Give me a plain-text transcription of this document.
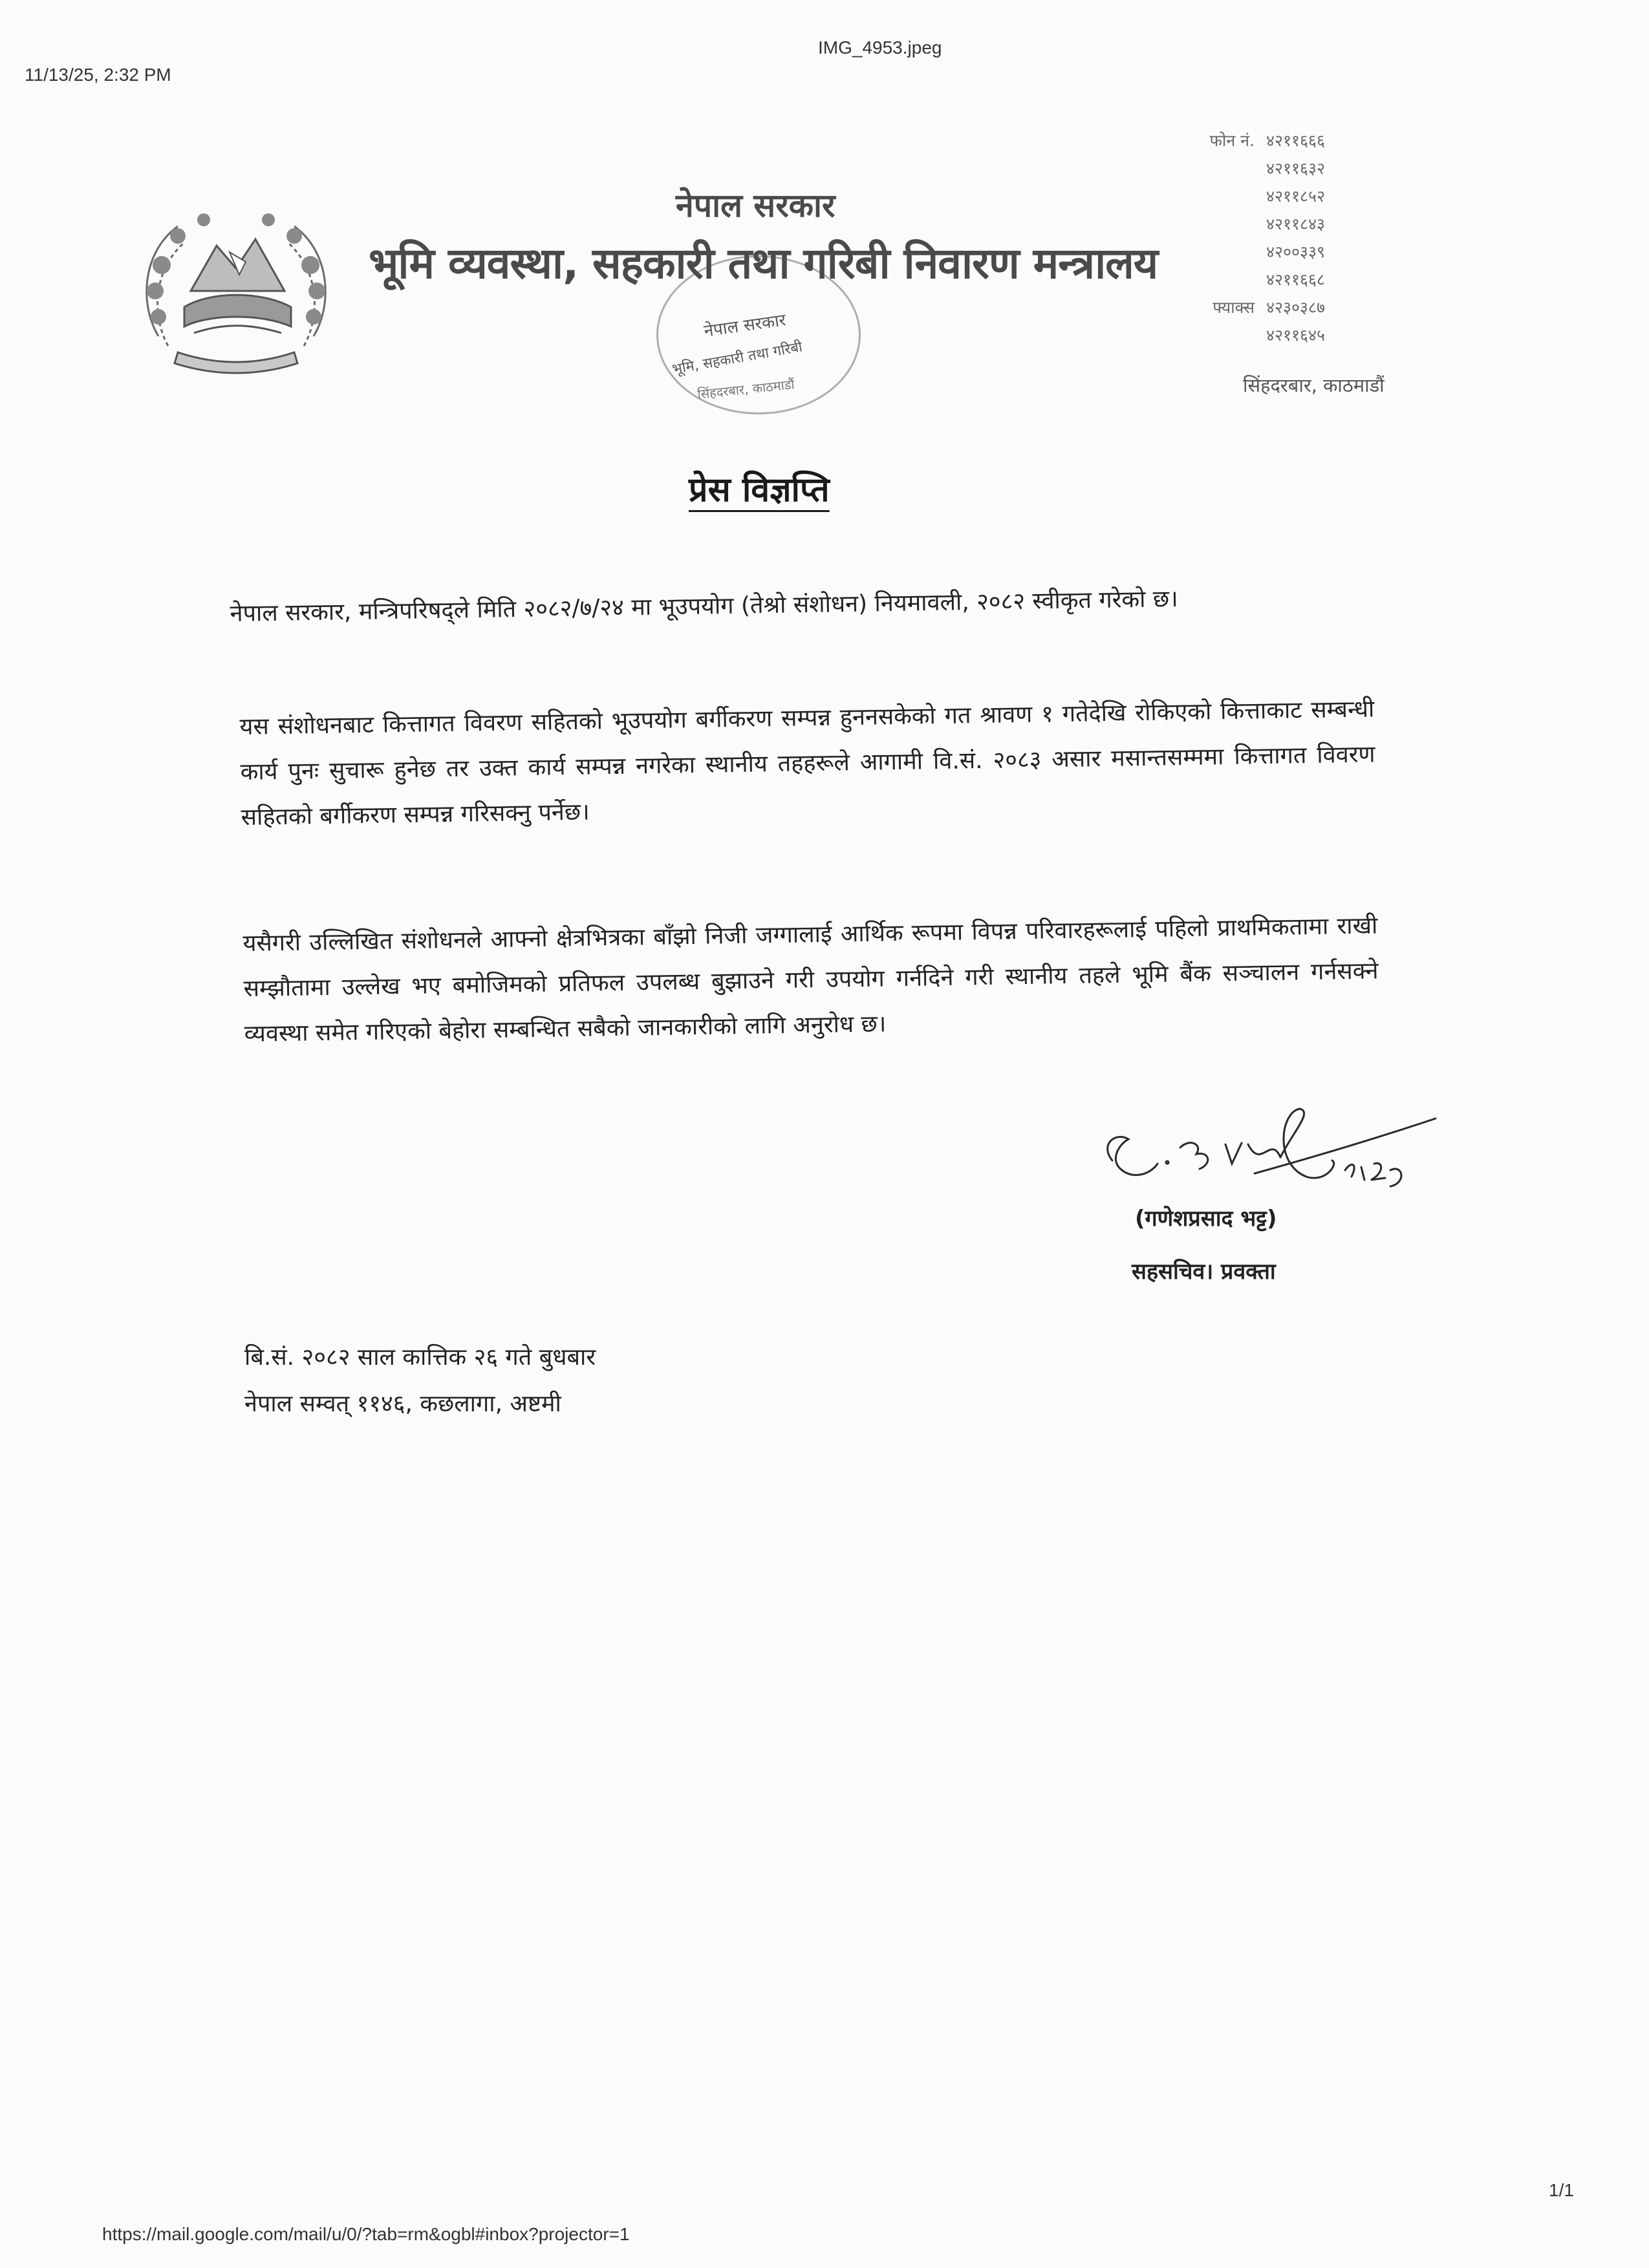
11/13/25, 2:32 PM
IMG_4953.jpeg
नेपाल सरकार
भूमि व्यवस्था, सहकारी तथा गरिबी निवारण मन्त्रालय
नेपाल सरकार
भूमि, सहकारी तथा गरिबी
सिंहदरबार, काठमाडौं
फोन नं. ४२११६६६
४२११६३२
४२११८५२
४२११८४३
४२००३३९
४२११६६८
फ्याक्स ४२३०३८७
४२११६४५
सिंहदरबार, काठमाडौं
प्रेस विज्ञप्ति
नेपाल सरकार, मन्त्रिपरिषद्ले मिति २०८२/७/२४ मा भूउपयोग (तेश्रो संशोधन) नियमावली, २०८२ स्वीकृत गरेको छ।
यस संशोधनबाट कित्तागत विवरण सहितको भूउपयोग बर्गीकरण सम्पन्न हुननसकेको गत श्रावण १ गतेदेखि रोकिएको कित्ताकाट सम्बन्धी कार्य पुनः सुचारू हुनेछ तर उक्त कार्य सम्पन्न नगरेका स्थानीय तहहरूले आगामी वि.सं. २०८३ असार मसान्तसम्ममा कित्तागत विवरण सहितको बर्गीकरण सम्पन्न गरिसक्नु पर्नेछ।
यसैगरी उल्लिखित संशोधनले आफ्नो क्षेत्रभित्रका बाँझो निजी जग्गालाई आर्थिक रूपमा विपन्न परिवारहरूलाई पहिलो प्राथमिकतामा राखी सम्झौतामा उल्लेख भए बमोजिमको प्रतिफल उपलब्ध बुझाउने गरी उपयोग गर्नदिने गरी स्थानीय तहले भूमि बैंक सञ्चालन गर्नसक्ने व्यवस्था समेत गरिएको बेहोरा सम्बन्धित सबैको जानकारीको लागि अनुरोध छ।
(गणेशप्रसाद भट्ट)
सहसचिव। प्रवक्ता
बि.सं. २०८२ साल कात्तिक २६ गते बुधबार
नेपाल सम्वत् ११४६, कछलागा, अष्टमी
https://mail.google.com/mail/u/0/?tab=rm&ogbl#inbox?projector=1
1/1
